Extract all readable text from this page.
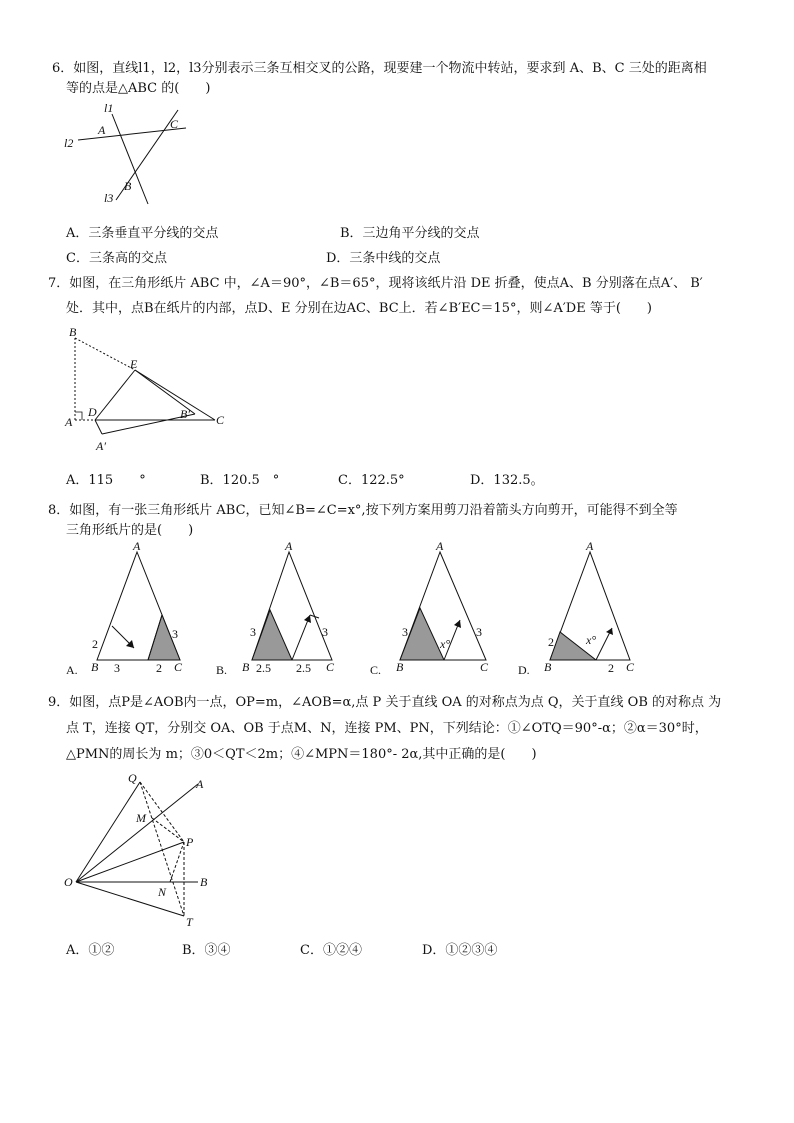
6．如图，直线l1，l2，l3分别表示三条互相交叉的公路，现要建一个物流中转站，要求到 A、B、C 三处的距离相
等的点是△ABC 的(　　)
l1
l2
l3
A	C
B
A．三条垂直平分线的交点	B．三边角平分线的交点
C．三条高的交点	D．三条中线的交点
7．如图，在三角形纸片 ABC 中，∠A＝90°，∠B＝65°，现将该纸片沿 DE 折叠，使点A、B 分别落在点A′、 B′
处．其中，点B在纸片的内部，点D、E 分别在边AC、BC上．若∠B′EC＝15°，则∠A′DE 等于(　　)
B
E
D	B′ C
A
A′
A．115　　°	B．120.5　°	C．122.5°	D．132.5。
8．如图，有一张三角形纸片 ABC，已知∠B=∠C=x°,按下列方案用剪刀沿着箭头方向剪开，可能得不到全等
三角形纸片的是(　　)
A.
A
B	C
2
3	2
3
B.
A
B	C
3	3
2.5 2.5	C.
A
B	C
3	3
x°
D.
A
B	C
2
2
x°
9．如图，点P是∠AOB内一点，OP=m，∠AOB=α,点 P 关于直线 OA 的对称点为点 Q，关于直线 OB 的对称点 为
点 T，连接 QT，分别交 OA、OB 于点M、N，连接 PM、PN，下列结论：①∠OTQ＝90°-α；②α＝30°时，
△PMN的周长为 m；③0＜QT＜2m；④∠MPN＝180°- 2α,其中正确的是(　　)
Q	A
M
P
O
N
B
T
A．①②	B．③④	C．①②④	D．①②③④
